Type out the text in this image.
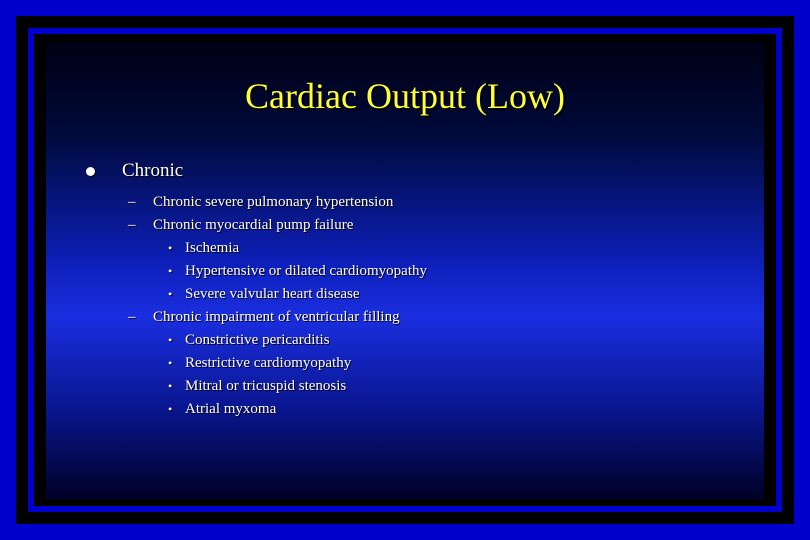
Cardiac Output (Low)
Chronic
– Chronic severe pulmonary hypertension
– Chronic myocardial pump failure
• Ischemia
• Hypertensive or dilated cardiomyopathy
• Severe valvular heart disease
– Chronic impairment of ventricular filling
• Constrictive pericarditis
• Restrictive cardiomyopathy
• Mitral or tricuspid stenosis
• Atrial myxoma
